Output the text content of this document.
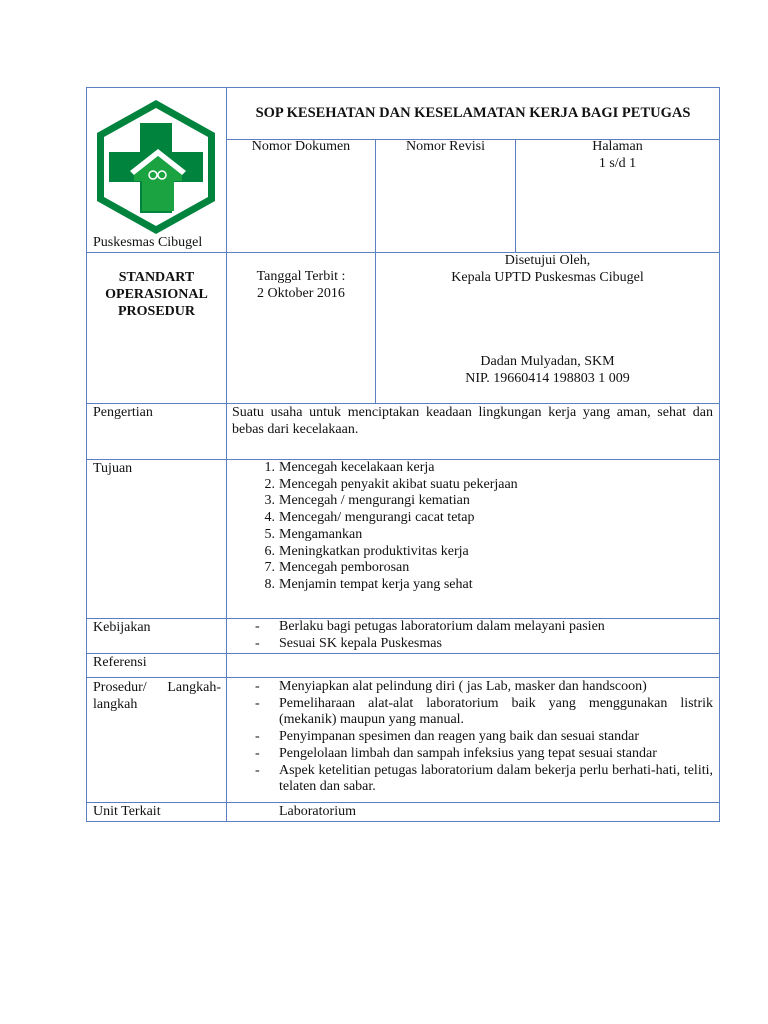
Puskesmas Cibugel
SOP KESEHATAN DAN KESELAMATAN KERJA BAGI PETUGAS
Nomor Dokumen	Nomor Revisi	Halaman
1 s/d 1
STANDART
OPERASIONAL
PROSEDUR
Tanggal Terbit :
2 Oktober 2016
Disetujui Oleh,
Kepala UPTD Puskesmas Cibugel
Dadan Mulyadan, SKM
NIP. 19660414 198803 1 009
Pengertian	Suatu usaha untuk menciptakan keadaan lingkungan kerja yang aman, sehat dan bebas dari kecelakaan.
Tujuan	1. Mencegah kecelakaan kerja
2. Mencegah penyakit akibat suatu pekerjaan
3. Mencegah / mengurangi kematian
4. Mencegah/ mengurangi cacat tetap
5. Mengamankan
6. Meningkatkan produktivitas kerja
7. Mencegah pemborosan
8. Menjamin tempat kerja yang sehat
Kebijakan	-	Berlaku bagi petugas laboratorium dalam melayani pasien
-	Sesuai SK kepala Puskesmas
Referensi
Prosedur/ Langkah-langkah
-	Menyiapkan alat pelindung diri ( jas Lab, masker dan handscoon)
-	Pemeliharaan alat-alat laboratorium baik yang menggunakan listrik (mekanik) maupun yang manual.
-	Penyimpanan spesimen dan reagen yang baik dan sesuai standar
-	Pengelolaan limbah dan sampah infeksius yang tepat sesuai standar
-	Aspek ketelitian petugas laboratorium dalam bekerja perlu berhati-hati, teliti, telaten dan sabar.
Unit Terkait	Laboratorium
